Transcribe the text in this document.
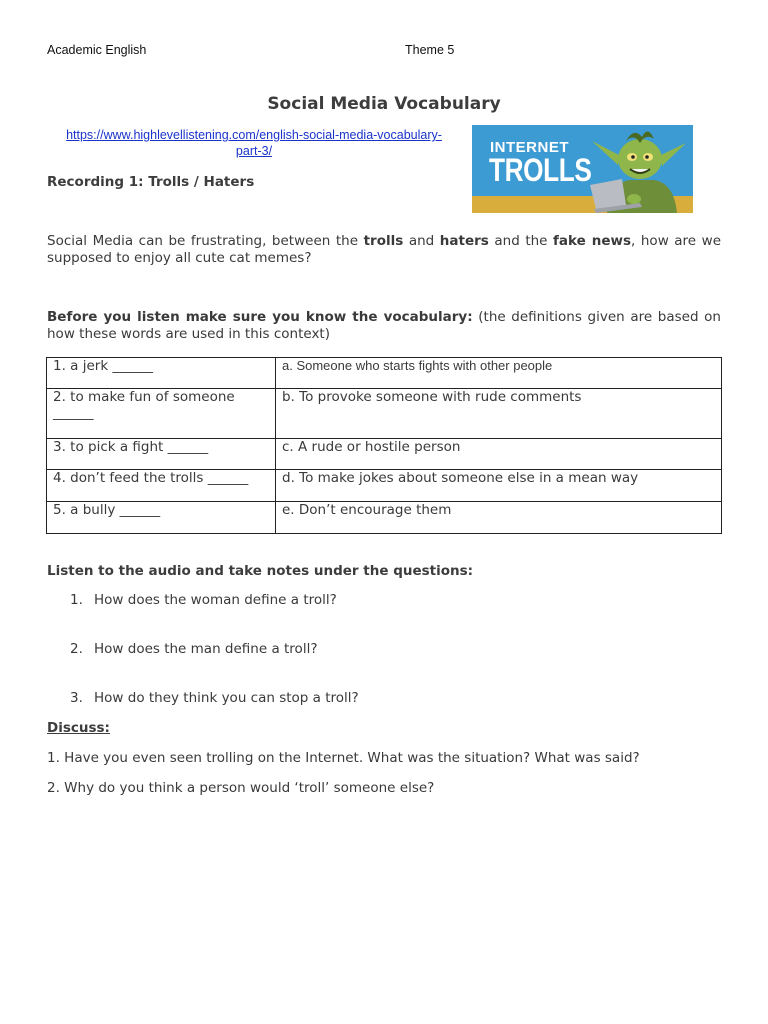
Academic English	Theme 5
Social Media Vocabulary
https://www.highlevellistening.com/english-social-media-vocabulary-
part-3/
Recording 1: Trolls / Haters
INTERNET
TROLLS
Social Media can be frustrating, between the trolls and haters and the fake news, how are we supposed to enjoy all cute cat memes?
Before you listen make sure you know the vocabulary: (the definitions given are based on how these words are used in this context)
1. a jerk ______	a. Someone who starts fights with other people
2. to make fun of someone ______	b. To provoke someone with rude comments
3. to pick a fight ______	c. A rude or hostile person
4. don’t feed the trolls ______	d. To make jokes about someone else in a mean way
5. a bully ______	e. Don’t encourage them
Listen to the audio and take notes under the questions:
1. How does the woman define a troll?
2. How does the man define a troll?
3. How do they think you can stop a troll?
Discuss:
1. Have you even seen trolling on the Internet. What was the situation? What was said?
2. Why do you think a person would ‘troll’ someone else?
